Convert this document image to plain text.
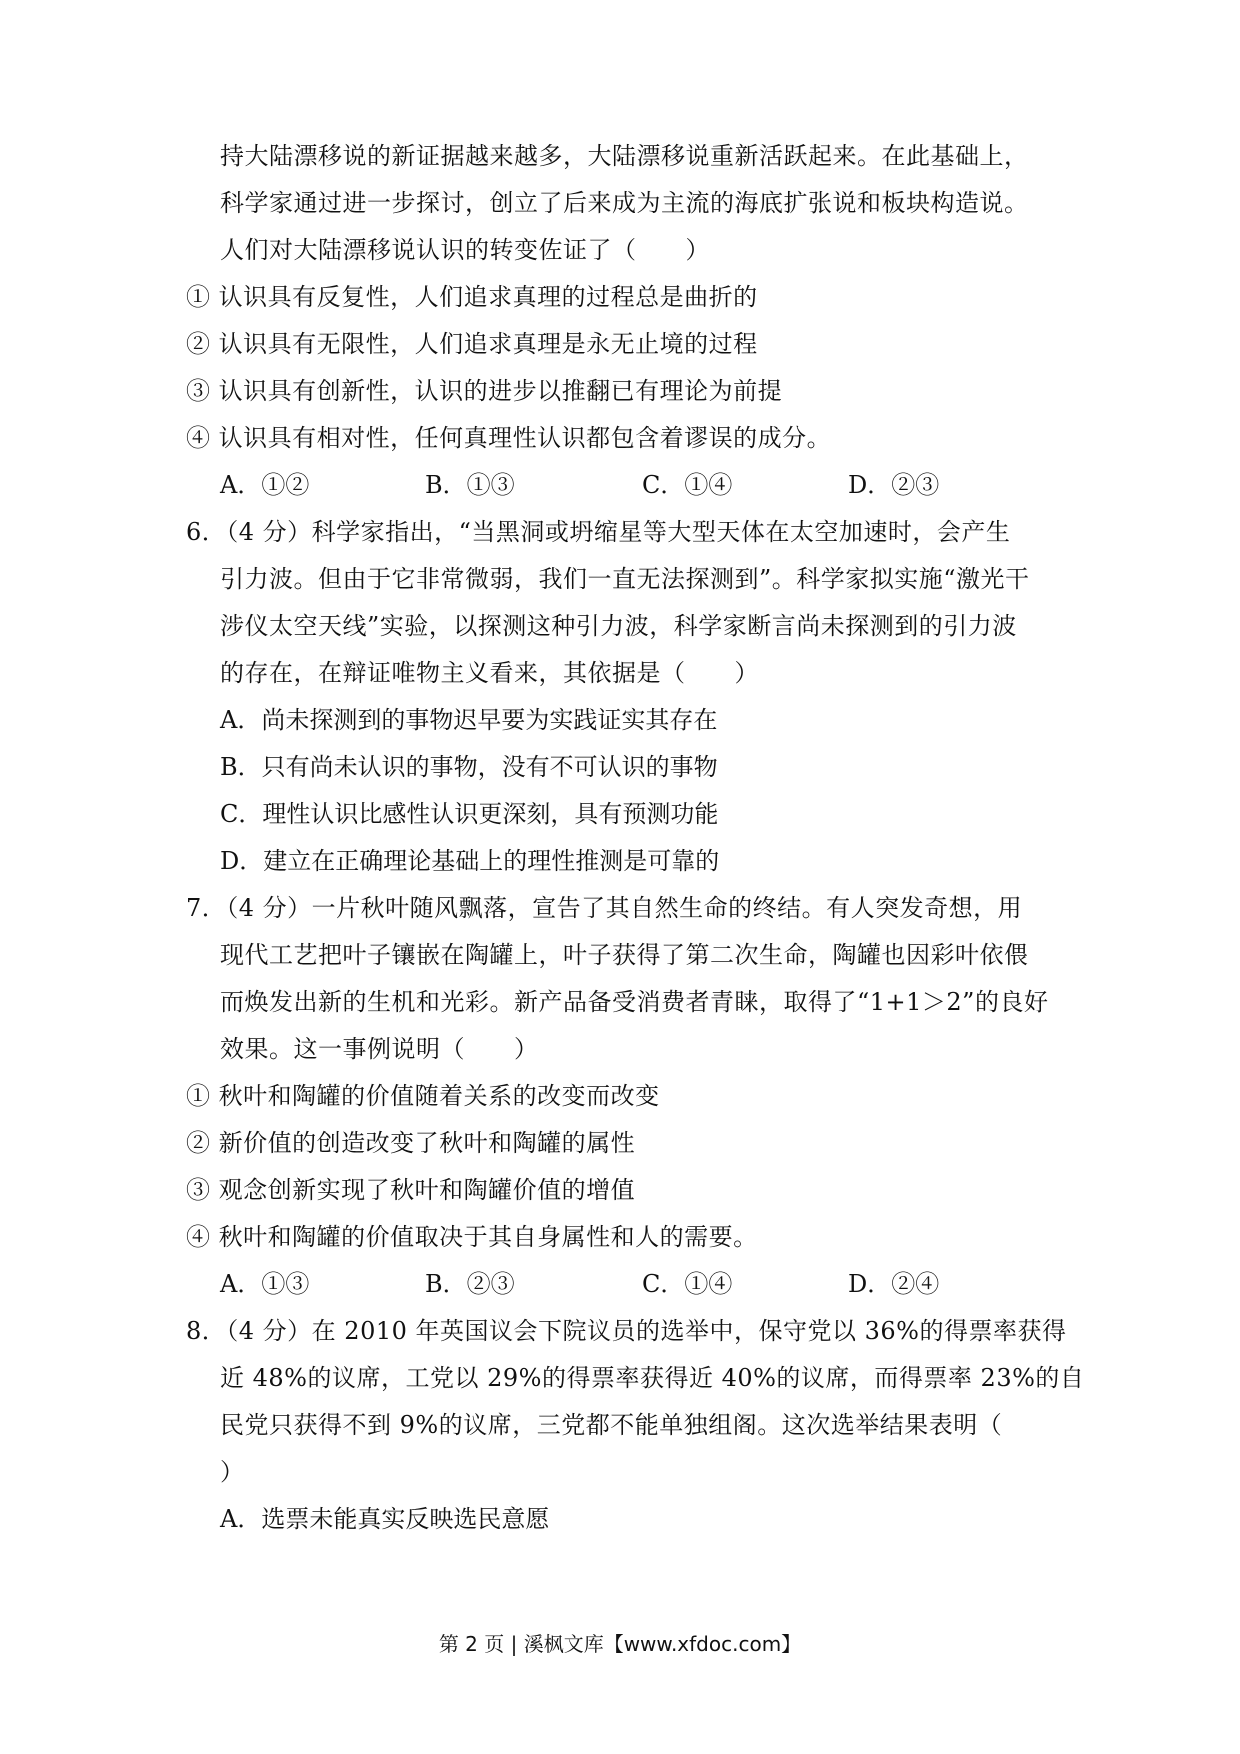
持大陆漂移说的新证据越来越多，大陆漂移说重新活跃起来。在此基础上，
科学家通过进一步探讨，创立了后来成为主流的海底扩张说和板块构造说。
人们对大陆漂移说认识的转变佐证了（　　）
① 认识具有反复性，人们追求真理的过程总是曲折的
② 认识具有无限性，人们追求真理是永无止境的过程
③ 认识具有创新性，认识的进步以推翻已有理论为前提
④ 认识具有相对性，任何真理性认识都包含着谬误的成分。
A．①②	B．①③	C．①④	D．②③
6．（4 分）科学家指出，“当黑洞或坍缩星等大型天体在太空加速时，会产生
引力波。但由于它非常微弱，我们一直无法探测到”。科学家拟实施“激光干
涉仪太空天线”实验，以探测这种引力波，科学家断言尚未探测到的引力波
的存在，在辩证唯物主义看来，其依据是（　　）
A．尚未探测到的事物迟早要为实践证实其存在
B．只有尚未认识的事物，没有不可认识的事物
C．理性认识比感性认识更深刻，具有预测功能
D．建立在正确理论基础上的理性推测是可靠的
7．（4 分）一片秋叶随风飘落，宣告了其自然生命的终结。有人突发奇想，用
现代工艺把叶子镶嵌在陶罐上，叶子获得了第二次生命，陶罐也因彩叶依偎
而焕发出新的生机和光彩。新产品备受消费者青睐，取得了“1+1＞2”的良好
效果。这一事例说明（　　）
① 秋叶和陶罐的价值随着关系的改变而改变
② 新价值的创造改变了秋叶和陶罐的属性
③ 观念创新实现了秋叶和陶罐价值的增值
④ 秋叶和陶罐的价值取决于其自身属性和人的需要。
A．①③	B．②③	C．①④	D．②④
8．（4 分）在 2010 年英国议会下院议员的选举中，保守党以 36%的得票率获得
近 48%的议席，工党以 29%的得票率获得近 40%的议席，而得票率 23%的自
民党只获得不到 9%的议席，三党都不能单独组阁。这次选举结果表明（
）
A．选票未能真实反映选民意愿
第 2 页 | 溪枫文库【www.xfdoc.com】
